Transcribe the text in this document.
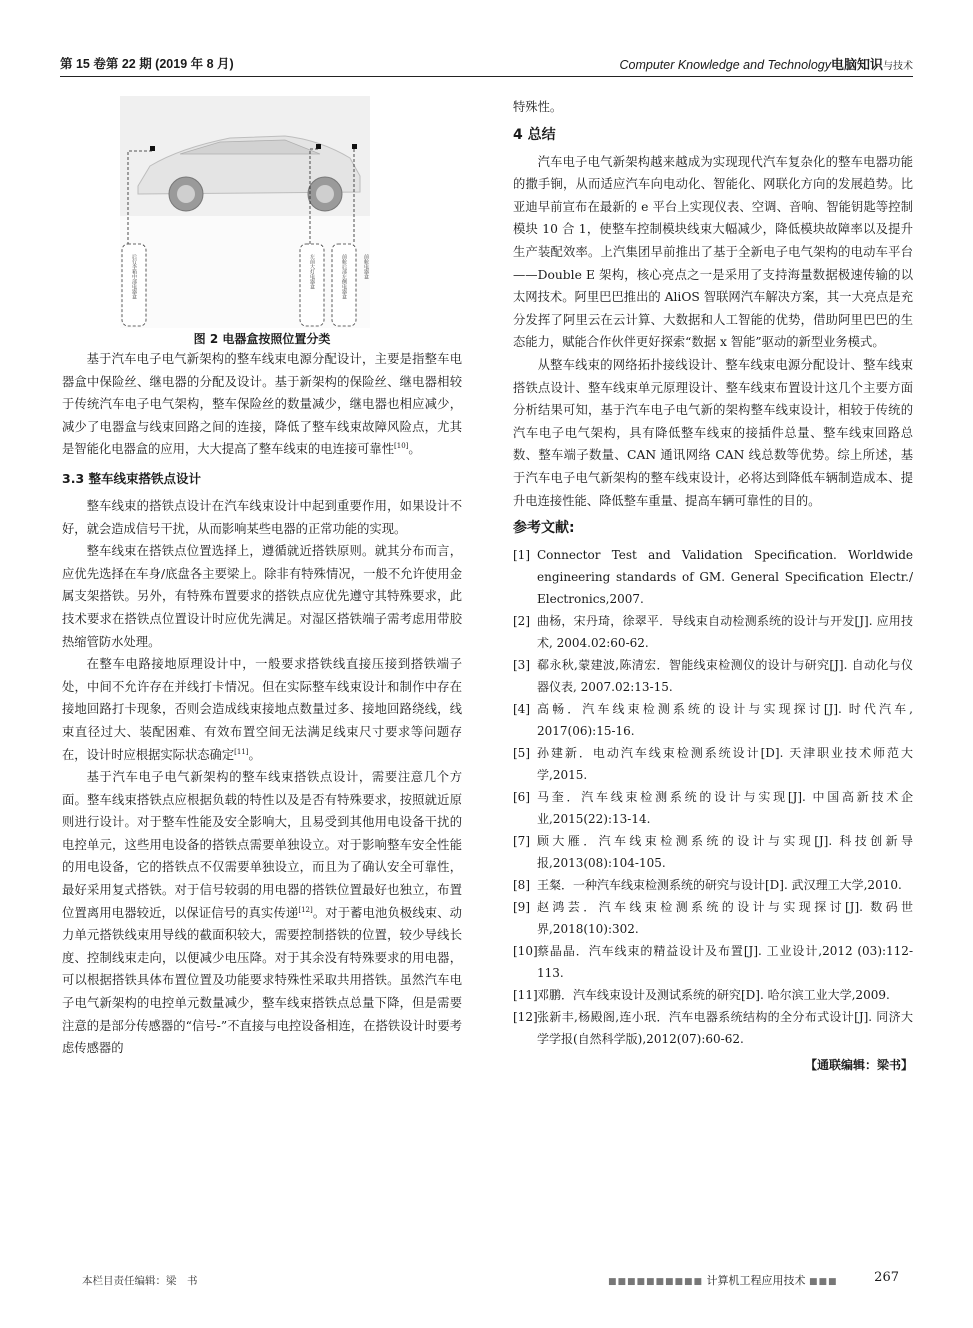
第 15 卷第 22 期 (2019 年 8 月)	Computer Knowledge and Technology电脑知识与技术
后行李箱中部电器盒	左前大灯电器盒	前舱后部左侧电器盒	前舱电器盒
图 2 电器盒按照位置分类

基于汽车电子电气新架构的整车线束电源分配设计，主要是指整车电器盒中保险丝、继电器的分配及设计。基于新架构的保险丝、继电器相较于传统汽车电子电气架构，整车保险丝的数量减少，继电器也相应减少，减少了电器盒与线束回路之间的连接，降低了整车线束故障风险点，尤其是智能化电器盒的应用，大大提高了整车线束的电连接可靠性[10]。

3.3 整车线束搭铁点设计

整车线束的搭铁点设计在汽车线束设计中起到重要作用，如果设计不好，就会造成信号干扰，从而影响某些电器的正常功能的实现。

整车线束在搭铁点位置选择上，遵循就近搭铁原则。就其分布而言，应优先选择在车身/底盘各主要梁上。除非有特殊情况，一般不允许使用金属支架搭铁。另外，有特殊布置要求的搭铁点应优先遵守其特殊要求，此技术要求在搭铁点位置设计时应优先满足。对湿区搭铁端子需考虑用带胶热缩管防水处理。

在整车电路接地原理设计中，一般要求搭铁线直接压接到搭铁端子处，中间不允许存在并线打卡情况。但在实际整车线束设计和制作中存在接地回路打卡现象，否则会造成线束接地点数量过多、接地回路绕线，线束直径过大、装配困难、有效布置空间无法满足线束尺寸要求等问题存在，设计时应根据实际状态确定[11]。

基于汽车电子电气新架构的整车线束搭铁点设计，需要注意几个方面。整车线束搭铁点应根据负载的特性以及是否有特殊要求，按照就近原则进行设计。对于整车性能及安全影响大，且易受到其他用电设备干扰的电控单元，这些用电设备的搭铁点需要单独设立。对于影响整车安全性能的用电设备，它的搭铁点不仅需要单独设立，而且为了确认安全可靠性，最好采用复式搭铁。对于信号较弱的用电器的搭铁位置最好也独立，布置位置离用电器较近，以保证信号的真实传递[12]。对于蓄电池负极线束、动力单元搭铁线束用导线的截面积较大，需要控制搭铁的位置，较少导线长度、控制线束走向，以便减少电压降。对于其余没有特殊要求的用电器，可以根据搭铁具体布置位置及功能要求特殊性采取共用搭铁。虽然汽车电子电气新架构的电控单元数量减少，整车线束搭铁点总量下降，但是需要注意的是部分传感器的“信号-”不直接与电控设备相连，在搭铁设计时要考虑传感器的

特殊性。

4 总结

汽车电子电气新架构越来越成为实现现代汽车复杂化的整车电器功能的撒手锏，从而适应汽车向电动化、智能化、网联化方向的发展趋势。比亚迪早前宣布在最新的 e 平台上实现仪表、空调、音响、智能钥匙等控制模块 10 合 1，使整车控制模块线束大幅减少，降低模块故障率以及提升生产装配效率。上汽集团早前推出了基于全新电子电气架构的电动车平台——Double E 架构，核心亮点之一是采用了支持海量数据极速传输的以太网技术。阿里巴巴推出的 AliOS 智联网汽车解决方案，其一大亮点是充分发挥了阿里云在云计算、大数据和人工智能的优势，借助阿里巴巴的生态能力，赋能合作伙伴更好探索“数据 x 智能”驱动的新型业务模式。

从整车线束的网络拓扑接线设计、整车线束电源分配设计、整车线束搭铁点设计、整车线束单元原理设计、整车线束布置设计这几个主要方面分析结果可知，基于汽车电子电气新的架构整车线束设计，相较于传统的汽车电子电气架构，具有降低整车线束的接插件总量、整车线束回路总数、整车端子数量、CAN 通讯网络 CAN 线总数等优势。综上所述，基于汽车电子电气新架构的整车线束设计，必将达到降低车辆制造成本、提升电连接性能、降低整车重量、提高车辆可靠性的目的。

参考文献:
[1] Connector Test and Validation Specification. Worldwide engineering standards of GM. General Specification Electr./ Electronics,2007.
[2] 曲杨，宋丹琦，徐翠平．导线束自动检测系统的设计与开发[J]. 应用技术, 2004.02:60-62.
[3] 郗永秋,蒙建波,陈清宏．智能线束检测仪的设计与研究[J]. 自动化与仪器仪表, 2007.02:13-15.
[4] 高畅．汽车线束检测系统的设计与实现探讨[J]. 时代汽车, 2017(06):15-16.
[5] 孙建新．电动汽车线束检测系统设计[D]. 天津职业技术师范大学,2015.
[6] 马奎．汽车线束检测系统的设计与实现[J]. 中国高新技术企业,2015(22):13-14.
[7] 顾大雁．汽车线束检测系统的设计与实现[J]. 科技创新导报,2013(08):104-105.
[8] 王粲．一种汽车线束检测系统的研究与设计[D]. 武汉理工大学,2010.
[9] 赵鸿芸．汽车线束检测系统的设计与实现探讨[J]. 数码世界,2018(10):302.
[10] 蔡晶晶．汽车线束的精益设计及布置[J]. 工业设计,2012 (03):112-113.
[11] 邓鹏．汽车线束设计及测试系统的研究[D]. 哈尔滨工业大学,2009.
[12] 张新丰,杨殿阁,连小珉．汽车电器系统结构的全分布式设计[J]. 同济大学学报(自然科学版),2012(07):60-62.
【通联编辑：梁书】
本栏目责任编辑：梁　书	■■■■■■■■■■ 计算机工程应用技术 ■■■	267
